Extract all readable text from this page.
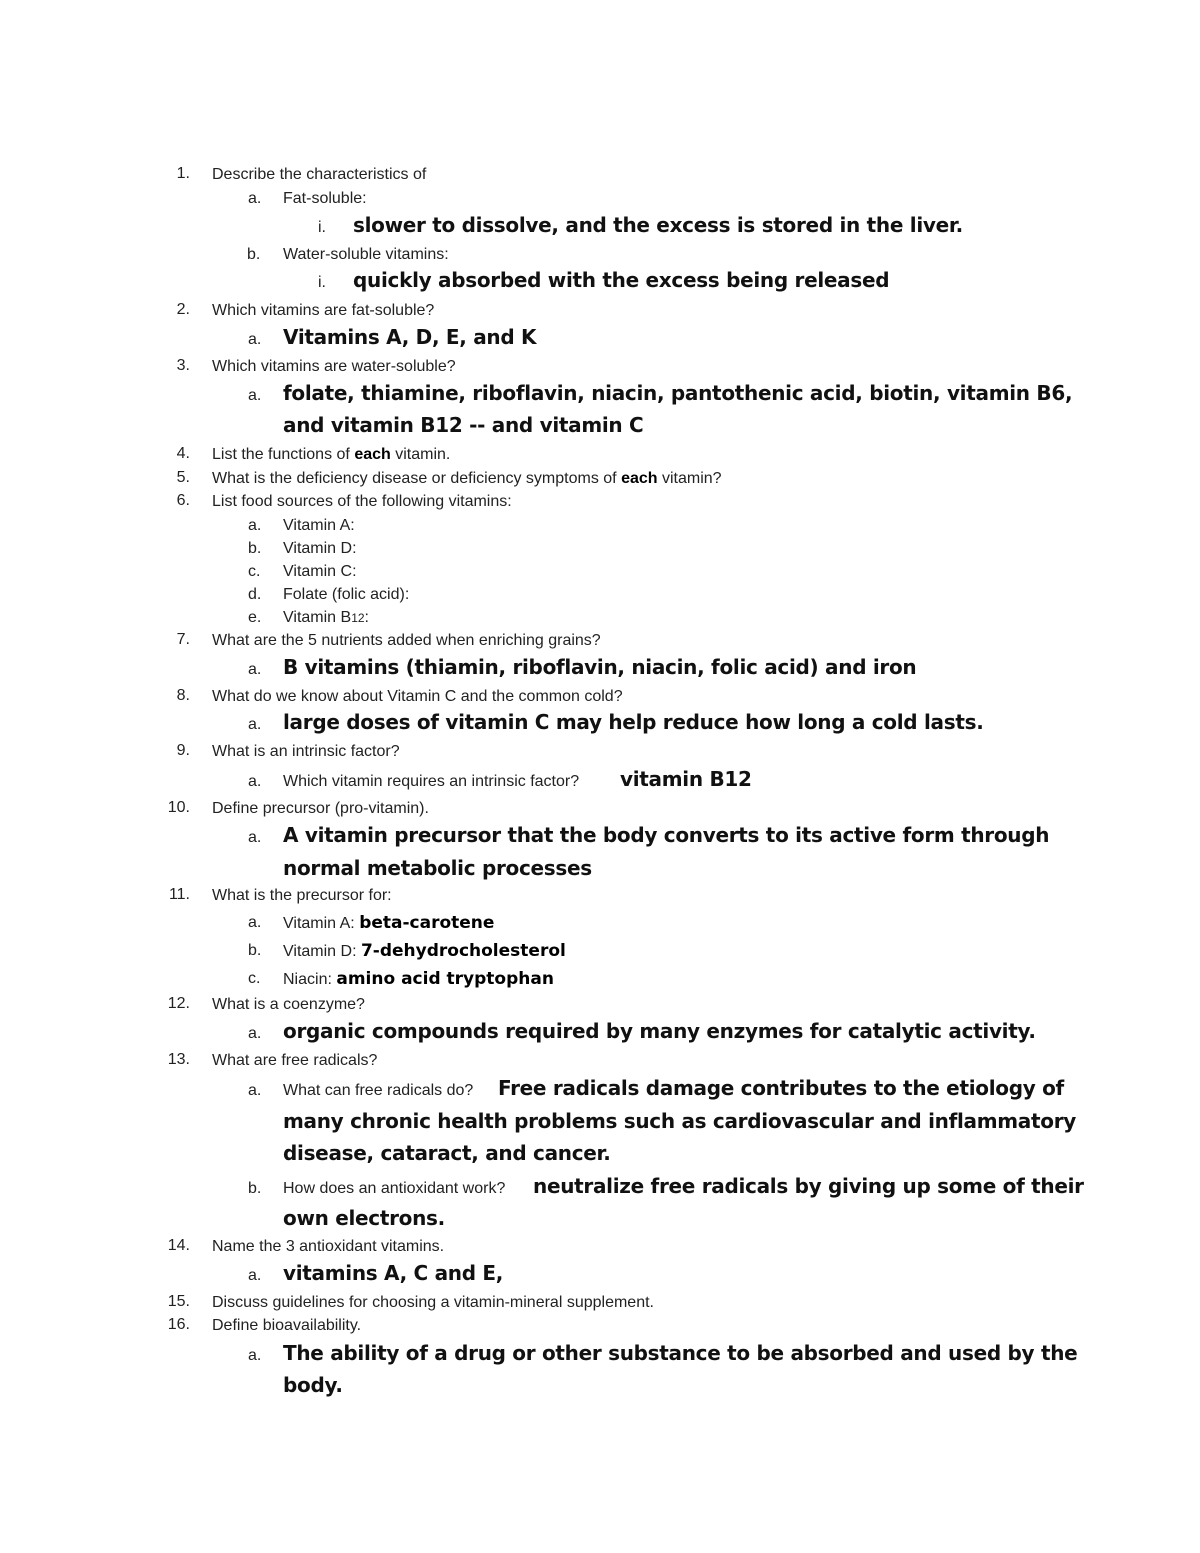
1. Describe the characteristics of
a. Fat-soluble:
i. slower to dissolve, and the excess is stored in the liver.
b. Water-soluble vitamins:
i. quickly absorbed with the excess being released
2. Which vitamins are fat-soluble?
a. Vitamins A, D, E, and K
3. Which vitamins are water-soluble?
a. folate, thiamine, riboflavin, niacin, pantothenic acid, biotin, vitamin B6,
and vitamin B12 -- and vitamin C
4. List the functions of each vitamin.
5. What is the deficiency disease or deficiency symptoms of each vitamin?
6. List food sources of the following vitamins:
a. Vitamin A:
b. Vitamin D:
c. Vitamin C:
d. Folate (folic acid):
e. Vitamin B12:
7. What are the 5 nutrients added when enriching grains?
a. B vitamins (thiamin, riboflavin, niacin, folic acid) and iron
8. What do we know about Vitamin C and the common cold?
a. large doses of vitamin C may help reduce how long a cold lasts.
9. What is an intrinsic factor?
a. Which vitamin requires an intrinsic factor? vitamin B12
10. Define precursor (pro-vitamin).
a. A vitamin precursor that the body converts to its active form through
normal metabolic processes
11. What is the precursor for:
a. Vitamin A: beta-carotene
b. Vitamin D: 7-dehydrocholesterol
c. Niacin: amino acid tryptophan
12. What is a coenzyme?
a. organic compounds required by many enzymes for catalytic activity.
13. What are free radicals?
a. What can free radicals do? Free radicals damage contributes to the etiology of
many chronic health problems such as cardiovascular and inflammatory
disease, cataract, and cancer.
b. How does an antioxidant work? neutralize free radicals by giving up some of their
own electrons.
14. Name the 3 antioxidant vitamins.
a. vitamins A, C and E,
15. Discuss guidelines for choosing a vitamin-mineral supplement.
16. Define bioavailability.
a. The ability of a drug or other substance to be absorbed and used by the
body.
